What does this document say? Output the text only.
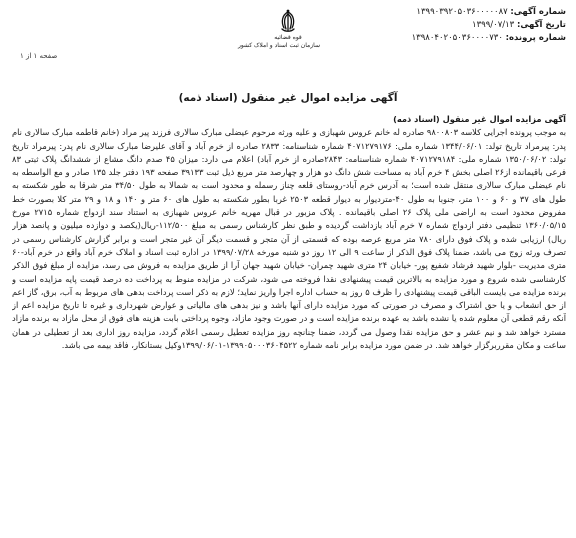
شماره آگهی: ۱۳۹۹۰۳۹۲۰۵۰۳۶۰۰۰۰۰۸۷
تاریخ آگهی: ۱۳۹۹/۰۷/۱۳
شماره پرونده: ۱۳۹۸۰۴۰۲۰۵۰۳۶۰۰۰۰۷۳۰
قوه قضائیه
سازمان ثبت اسناد و املاک کشور
صفحه ۱ از ۱
آگهی مزایده اموال غیر منقول (اسناد ذمه)

آگهی مزایده اموال غیر منقول (اسناد ذمه)

به موجب پرونده اجرایی کلاسه ۹۸۰۰۸۰۳ صادره له خانم عروس شهبازی و علیه ورثه مرحوم عیضلی مبارک سالاری فرزند پیر مراد (خانم قاطمه مبارک سالاری نام پدر: پیرمراد تاریخ تولد: ۱۳۴۴/۰۶/۰۱ شماره ملی: ۴۰۷۱۲۷۹۱۷۶ شماره شناسنامه: ۲۸۳۳ صادره از خرم آباد و آقای علیرضا مبارک سالاری نام پدر: پیرمراد تاریخ تولد: ۱۳۵۰/۰۶/۰۲ شماره ملی: ۴۰۷۱۲۷۹۱۸۴ شماره شناسنامه: ۲۸۴۳صادره از خرم آباد) اعلام می دارد: میزان ۴۵ صدم دانگ مشاع از ششدانگ پلاک ثبتی ۸۳ فرعی باقیمانده از۲۶ اصلی بخش ۴ خرم آباد به مساحت شش دانگ دو هزار و چهارصد متر مربع ذیل ثبت ۳۹۱۳۳ صفحه ۱۹۳ دفتر جلد ۱۳۵ صادر و مع الواسطه به نام عیضلی مبارک سالاری منتقل شده است؛ به آدرس خرم آباد-روستای قلعه چناز رسمله و محدود است به شمالا به طول ۳۴/۵۰ متر شرقا به طور شکسته به طول های ۳۷ و ۶۰ و ۱۰۰ متر، جنوبا به طول ۴۰-متردیوار به دیوار قطعه ۲۵۰۳ غربا بطور شکسته به طول های ۶۰ متر و ۱۴۰ و ۱۸ و ۲۹ متر کلا بصورت خط مفروض محدود است به اراضی ملی پلاک ۲۶ اصلی باقیمانده . پلاک مزبور در قبال مهریه خانم عروس شهبازی به استناد سند ازدواج شماره ۲۷۱۵ مورخ ۱۳۶۰/۰۵/۱۵ تنظیمی دفتر ازدواج شماره ۷ خرم آباد بازداشت گردیده و طبق نظر کارشناس رسمی به مبلغ ۱۱۲/۵۰۰-ریال(یکصد و دوازده میلیون و پانصد هزار ریال) ارزیابی شده و پلاک فوق دارای ۷۸۰ متر مربع عرصه بوده که قسمتی از آن متجر و قسمت دیگر آن غیر متجر است و برابر گزارش کارشناس رسمی در تصرف ورثه زوج می باشد، ضمنا پلاک فوق الذکر از ساعت ۹ الی ۱۲ روز دو شنبه مورخه ۱۳۹۹/۰۷/۲۸ در اداره ثبت اسناد و املاک خرم آباد واقع در خرم آباد-۶۰ متری مدیریت -بلوار شهید فرشاد شفیع پور- خیابان ۲۴ متری شهید چمران- خیابان شهید جهان آرا از طریق مزایده به فروش می رسد، مزایده از مبلغ فوق الذکر کارشناسی شده شروع و مورد مزایده به بالاترین قیمت پیشنهادی نقدا فروخته می شود، شرکت در مزایده منوط به پرداخت ده درصد قیمت پایه مزایده است و برنده مزایده می بایست الباقی قیمت پیشنهادی را ظرف ۵ روز به حساب اداره اجرا واریز نماید؛ لازم به ذکر است پرداخت بدهی های مربوط به آب، برق، گاز اعم از حق انشعاب و یا حق اشتراک و مصرف در صورتی که مورد مزایده دارای آنها باشد و نیز بدهی های مالیاتی و عوارض شهرداری و غیره تا تاریخ مزایده اعم از آنکه رقم قطعی آن معلوم شده یا نشده باشد به عهده برنده مزایده است و در صورت وجود مازاد، وجوه پرداختی بابت هزینه های فوق از محل مازاد به برنده مازاد مسترد خواهد شد و نیم عشر و حق مزایده نقدا وصول می گردد، ضمنا چنانچه روز مزایده تعطیل رسمی اعلام گردد، مزایده روز اداری بعد از تعطیلی در همان ساعت و مکان مقرربرگزار خواهد شد. در ضمن مورد مزایده برابر نامه شماره ۱۳۹۹۰۵۰۰۰۳۶۰۴۵۲۲-۱۳۹۹/۰۶/۰۱وکیل بستانکار، فاقد بیمه می باشد.
